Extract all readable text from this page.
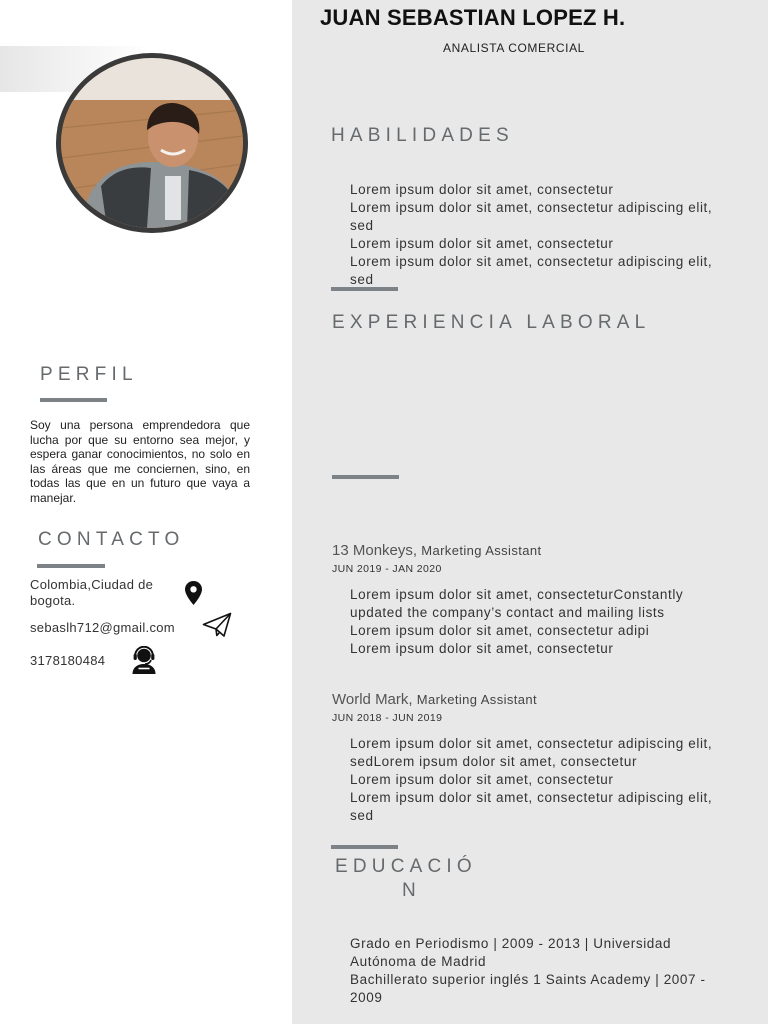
JUAN SEBASTIAN LOPEZ H.
ANALISTA COMERCIAL
HABILIDADES
Lorem ipsum dolor sit amet, consectetur
Lorem ipsum dolor sit amet, consectetur adipiscing elit, sed
Lorem ipsum dolor sit amet, consectetur
Lorem ipsum dolor sit amet, consectetur adipiscing elit, sed
EXPERIENCIA LABORAL
13 Monkeys, Marketing Assistant
JUN 2019 - JAN 2020
Lorem ipsum dolor sit amet, consecteturConstantly updated the company’s contact and mailing lists
Lorem ipsum dolor sit amet, consectetur adipi
Lorem ipsum dolor sit amet, consectetur
World Mark, Marketing Assistant
JUN 2018 - JUN 2019
Lorem ipsum dolor sit amet, consectetur adipiscing elit, sedLorem ipsum dolor sit amet, consectetur
Lorem ipsum dolor sit amet, consectetur
Lorem ipsum dolor sit amet, consectetur adipiscing elit, sed
EDUCACIÓ
N
Grado en Periodismo | 2009 - 2013 | Universidad Autónoma de Madrid
Bachillerato superior inglés 1 Saints Academy | 2007 - 2009
PERFIL

Soy una persona emprendedora que lucha por que su entorno sea mejor, y espera ganar conocimientos, no solo en las áreas que me conciernen, sino, en todas las que en un futuro que vaya a manejar.

CONTACTO
Colombia,Ciudad de bogota.
sebaslh712@gmail.com
3178180484
